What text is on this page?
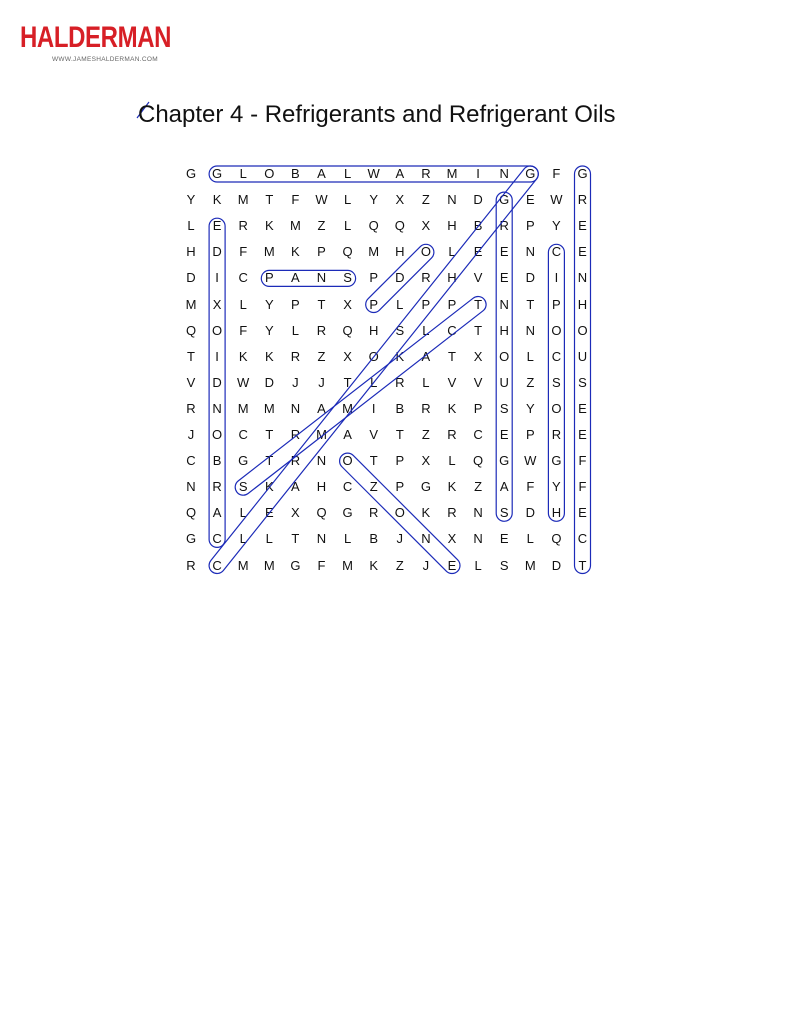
HALDERMAN
WWW.JAMESHALDERMAN.COM
Chapter 4 - Refrigerants and Refrigerant Oils
G	G	L	O	B	A	L	W	A	R	M	I	N	G	F	G
Y	K	M	T	F	W	L	Y	X	Z	N	D	G	E	W	R
L	E	R	K	M	Z	L	Q	Q	X	H	B	R	P	Y	E
H	D	F	M	K	P	Q	M	H	O	L	E	E	N	C	E
D	I	C	P	A	N	S	P	D	R	H	V	E	D	I	N
M	X	L	Y	P	T	X	P	L	P	P	T	N	T	P	H
Q	O	F	Y	L	R	Q	H	S	L	C	T	H	N	O	O
T	I	K	K	R	Z	X	O	K	A	T	X	O	L	C	U
V	D	W	D	J	J	T	L	R	L	V	V	U	Z	S	S
R	N	M	M	N	A	M	I	B	R	K	P	S	Y	O	E
J	O	C	T	R	M	A	V	T	Z	R	C	E	P	R	E
C	B	G	T	R	N	O	T	P	X	L	Q	G	W	G	F
N	R	S	K	A	H	C	Z	P	G	K	Z	A	F	Y	F
Q	A	L	E	X	Q	G	R	O	K	R	N	S	D	H	E
G	C	L	L	T	N	L	B	J	N	X	N	E	L	Q	C
R	C	M	M	G	F	M	K	Z	J	E	L	S	M	D	T
